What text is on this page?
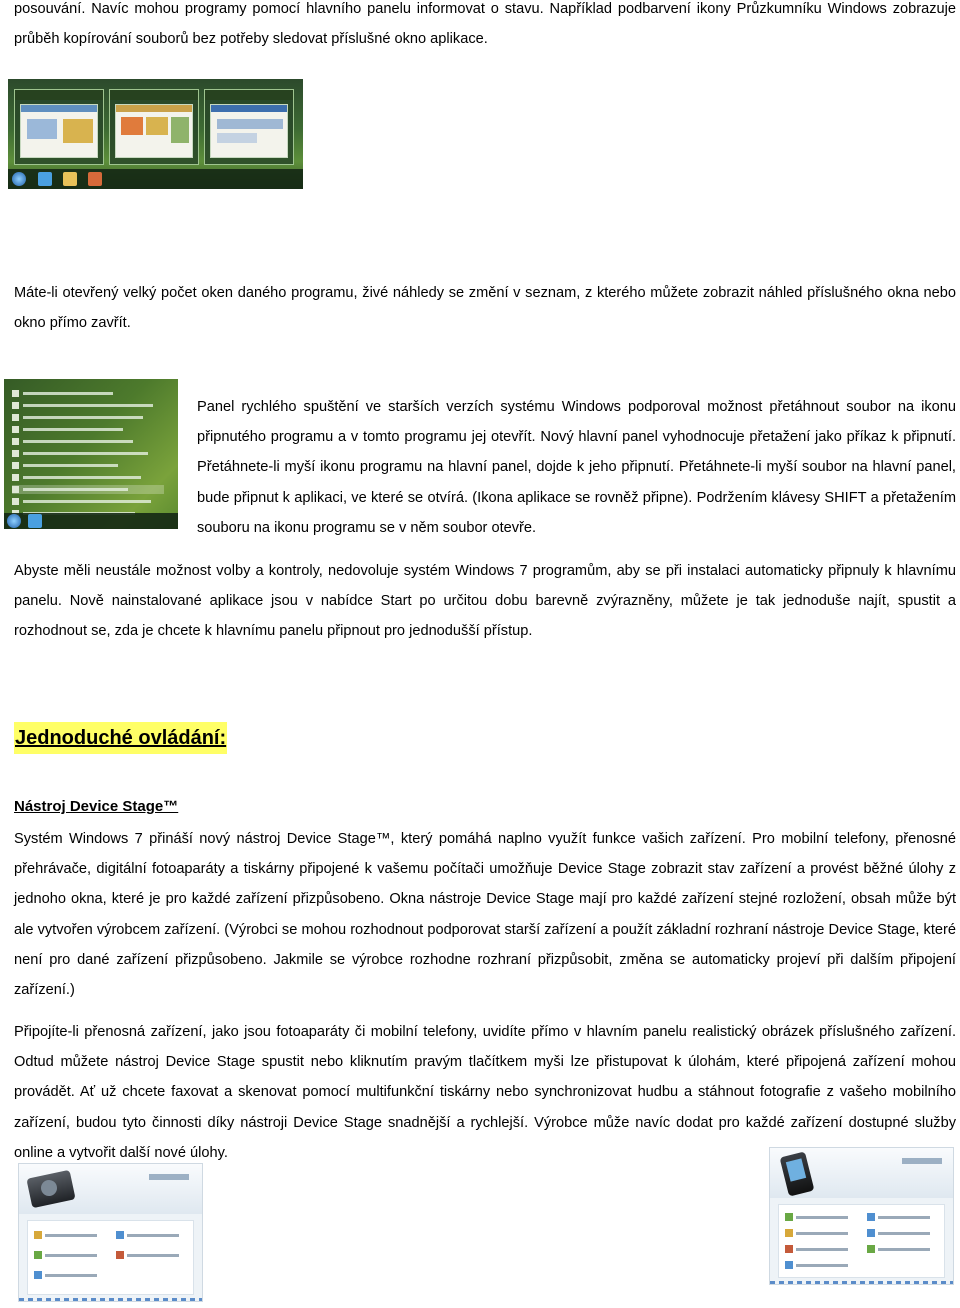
posouvání. Navíc mohou programy pomocí hlavního panelu informovat o stavu. Například podbarvení ikony Průzkumníku Windows zobrazuje průběh kopírování souborů bez potřeby sledovat příslušné okno aplikace.

Máte-li otevřený velký počet oken daného programu, živé náhledy se změní v seznam, z kterého můžete zobrazit náhled příslušného okna nebo okno přímo zavřít.

Panel rychlého spuštění ve starších verzích systému Windows podporoval možnost přetáhnout soubor na ikonu připnutého programu a v tomto programu jej otevřít. Nový hlavní panel vyhodnocuje přetažení jako příkaz k připnutí. Přetáhnete-li myší ikonu programu na hlavní panel, dojde k jeho připnutí. Přetáhnete-li myší soubor na hlavní panel, bude připnut k aplikaci, ve které se otvírá. (Ikona aplikace se rovněž připne). Podržením klávesy SHIFT a přetažením souboru na ikonu programu se v něm soubor otevře.

Abyste měli neustále možnost volby a kontroly, nedovoluje systém Windows 7 programům, aby se při instalaci automaticky připnuly k hlavnímu panelu. Nově nainstalované aplikace jsou v nabídce Start po určitou dobu barevně zvýrazněny, můžete je tak jednoduše najít, spustit a rozhodnout se, zda je chcete k hlavnímu panelu připnout pro jednodušší přístup.

Jednoduché ovládání:
Nástroj Device Stage™

Systém Windows 7 přináší nový nástroj Device Stage™, který pomáhá naplno využít funkce vašich zařízení. Pro mobilní telefony, přenosné přehrávače, digitální fotoaparáty a tiskárny připojené k vašemu počítači umožňuje Device Stage zobrazit stav zařízení a provést běžné úlohy z jednoho okna, které je pro každé zařízení přizpůsobeno. Okna nástroje Device Stage mají pro každé zařízení stejné rozložení, obsah může být ale vytvořen výrobcem zařízení. (Výrobci se mohou rozhodnout podporovat starší zařízení a použít základní rozhraní nástroje Device Stage, které není pro dané zařízení přizpůsobeno. Jakmile se výrobce rozhodne rozhraní přizpůsobit, změna se automaticky projeví při dalším připojení zařízení.)

Připojíte-li přenosná zařízení, jako jsou fotoaparáty či mobilní telefony, uvidíte přímo v hlavním panelu realistický obrázek příslušného zařízení. Odtud můžete nástroj Device Stage spustit nebo kliknutím pravým tlačítkem myši lze přistupovat k úlohám, které připojená zařízení mohou provádět. Ať už chcete faxovat a skenovat pomocí multifunkční tiskárny nebo synchronizovat hudbu a stáhnout fotografie z vašeho mobilního zařízení, budou tyto činnosti díky nástroji Device Stage snadnější a rychlejší. Výrobce může navíc dodat pro každé zařízení dostupné služby online a vytvořit další nové úlohy.
